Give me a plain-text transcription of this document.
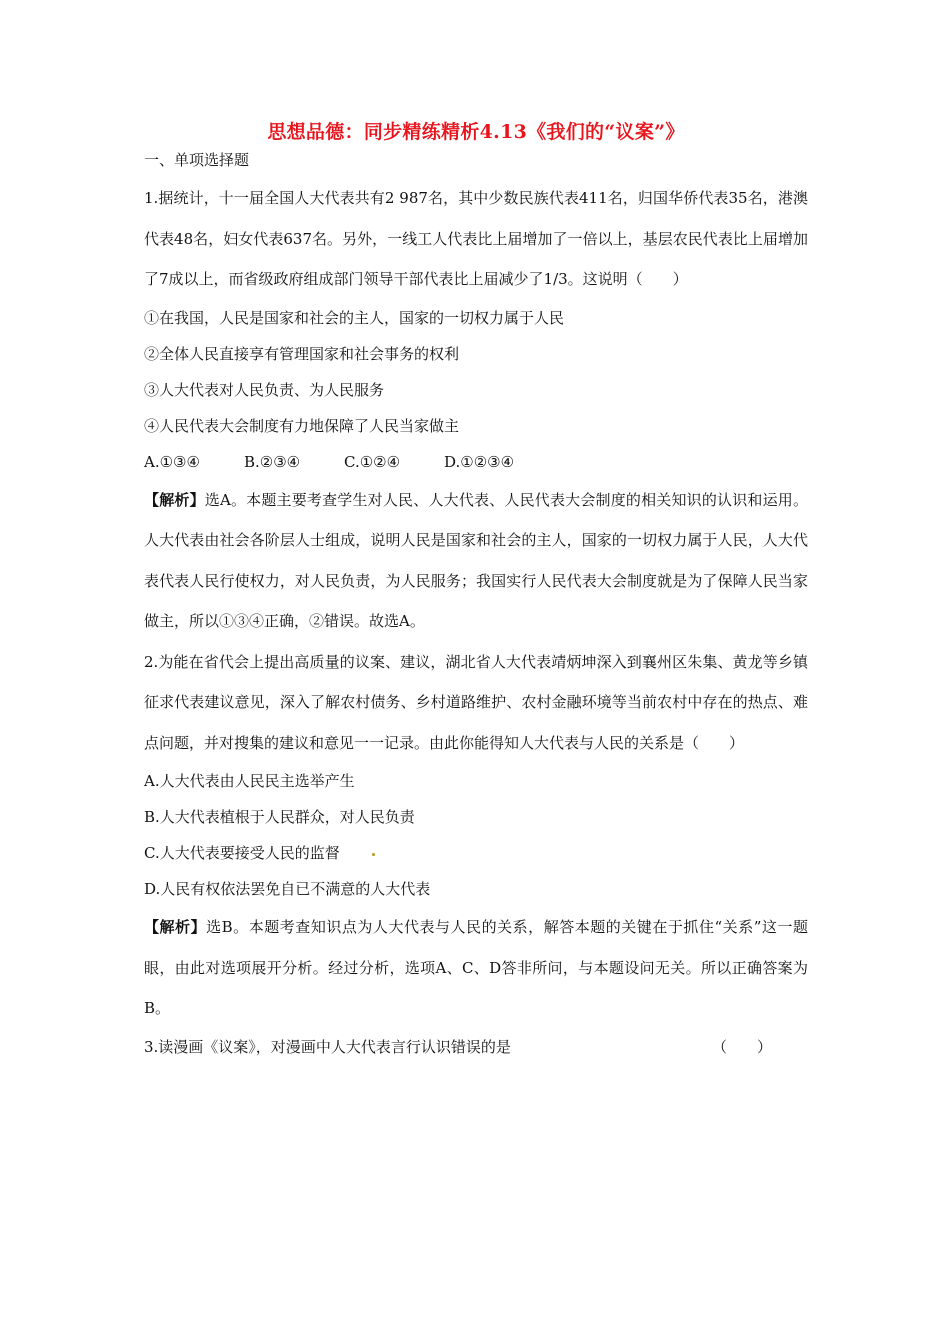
思想品德：同步精练精析4.13《我们的“议案”》

一、单项选择题

1.据统计，十一届全国人大代表共有2 987名，其中少数民族代表411名，归国华侨代表35名，港澳代表48名，妇女代表637名。另外，一线工人代表比上届增加了一倍以上，基层农民代表比上届增加了7成以上，而省级政府组成部门领导干部代表比上届减少了1/3。这说明（　　）

①在我国，人民是国家和社会的主人，国家的一切权力属于人民

②全体人民直接享有管理国家和社会事务的权利

③人大代表对人民负责、为人民服务

④人民代表大会制度有力地保障了人民当家做主

A.①③④	B.②③④	C.①②④	D.①②③④

【解析】选A。本题主要考查学生对人民、人大代表、人民代表大会制度的相关知识的认识和运用。人大代表由社会各阶层人士组成，说明人民是国家和社会的主人，国家的一切权力属于人民，人大代表代表人民行使权力，对人民负责，为人民服务；我国实行人民代表大会制度就是为了保障人民当家做主，所以①③④正确，②错误。故选A。

2.为能在省代会上提出高质量的议案、建议，湖北省人大代表靖炳坤深入到襄州区朱集、黄龙等乡镇征求代表建议意见，深入了解农村债务、乡村道路维护、农村金融环境等当前农村中存在的热点、难点问题，并对搜集的建议和意见一一记录。由此你能得知人大代表与人民的关系是（　　）

A.人大代表由人民民主选举产生

B.人大代表植根于人民群众，对人民负责

C.人大代表要接受人民的监督

D.人民有权依法罢免自已不满意的人大代表

【解析】选B。本题考查知识点为人大代表与人民的关系，解答本题的关键在于抓住“关系”这一题眼，由此对选项展开分析。经过分析，选项A、C、D答非所问，与本题设问无关。所以正确答案为B。

3.读漫画《议案》，对漫画中人大代表言行认识错误的是	（　　）
